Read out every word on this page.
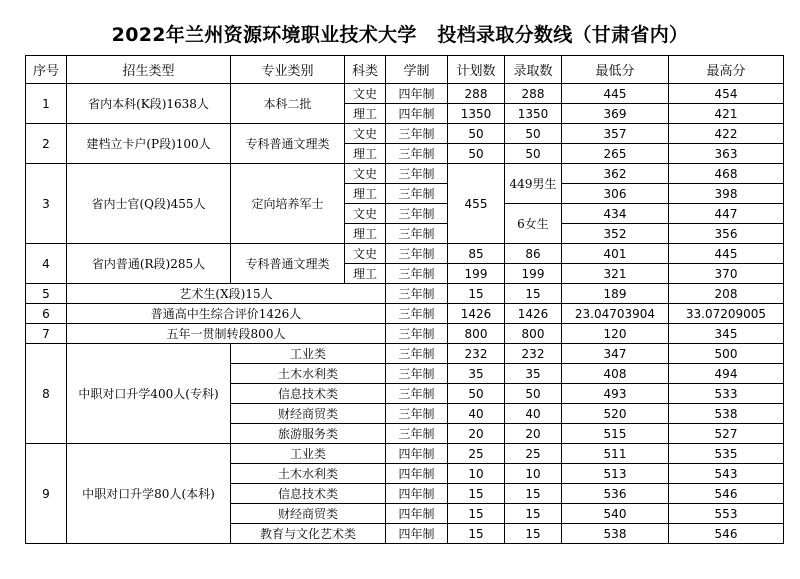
2022年兰州资源环境职业技术大学   投档录取分数线（甘肃省内）
序号	招生类型	专业类别	科类	学制	计划数	录取数	最低分	最高分
1	省内本科(K段)1638人	本科二批	文史	四年制	288	288	445	454
			理工	四年制	1350	1350	369	421
2	建档立卡户(P段)100人	专科普通文理类	文史	三年制	50	50	357	422
			理工	三年制	50	50	265	363
3	省内士官(Q段)455人	定向培养军士	文史	三年制	455	449男生	362	468
			理工	三年制			306	398
			文史	三年制		6女生	434	447
			理工	三年制			352	356
4	省内普通(R段)285人	专科普通文理类	文史	三年制	85	86	401	445
			理工	三年制	199	199	321	370
5	艺术生(X段)15人			三年制	15	15	189	208
6	普通高中生综合评价1426人			三年制	1426	1426	23.04703904	33.07209005
7	五年一贯制转段800人			三年制	800	800	120	345
8	中职对口升学400人(专科)	工业类		三年制	232	232	347	500
		土木水利类		三年制	35	35	408	494
		信息技术类		三年制	50	50	493	533
		财经商贸类		三年制	40	40	520	538
		旅游服务类		三年制	20	20	515	527
9	中职对口升学80人(本科)	工业类		四年制	25	25	511	535
		土木水利类		四年制	10	10	513	543
		信息技术类		四年制	15	15	536	546
		财经商贸类		四年制	15	15	540	553
		教育与文化艺术类		四年制	15	15	538	546
